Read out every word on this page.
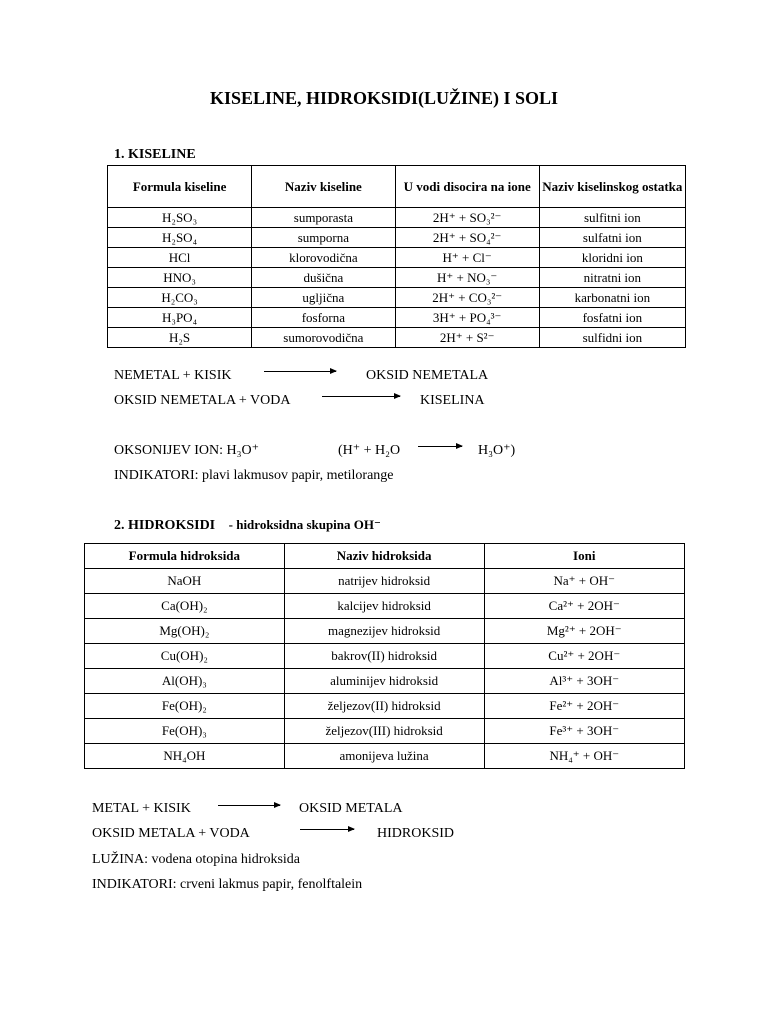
KISELINE, HIDROKSIDI(LUŽINE) I SOLI
1. KISELINE
Formula kiseline	Naziv kiseline	U vodi disocira na ione	Naziv kiselinskog ostatka
H₂SO₃	sumporasta	2H⁺ + SO₃²⁻	sulfitni ion
H₂SO₄	sumporna	2H⁺ + SO₄²⁻	sulfatni ion
HCl	klorovodična	H⁺ + Cl⁻	kloridni ion
HNO₃	dušična	H⁺ + NO₃⁻	nitratni ion
H₂CO₃	ugljična	2H⁺ + CO₃²⁻	karbonatni ion
H₃PO₄	fosforna	3H⁺ + PO₄³⁻	fosfatni ion
H₂S	sumorovodična	2H⁺ + S²⁻	sulfidni ion
NEMETAL + KISIK	OKSID NEMETALA
OKSID NEMETALA + VODA	KISELINA
OKSONIJEV ION: H₃O⁺	(H⁺ + H₂O	H₃O⁺)
INDIKATORI: plavi lakmusov papir, metilorange
2. HIDROKSIDI - hidroksidna skupina OH⁻
Formula hidroksida	Naziv hidroksida	Ioni
NaOH	natrijev hidroksid	Na⁺ + OH⁻
Ca(OH)₂	kalcijev hidroksid	Ca²⁺ + 2OH⁻
Mg(OH)₂	magnezijev hidroksid	Mg²⁺ + 2OH⁻
Cu(OH)₂	bakrov(II) hidroksid	Cu²⁺ + 2OH⁻
Al(OH)₃	aluminijev hidroksid	Al³⁺ + 3OH⁻
Fe(OH)₂	željezov(II) hidroksid	Fe²⁺ + 2OH⁻
Fe(OH)₃	željezov(III) hidroksid	Fe³⁺ + 3OH⁻
NH₄OH	amonijeva lužina	NH₄⁺ + OH⁻
METAL + KISIK	OKSID METALA
OKSID METALA + VODA	HIDROKSID
LUŽINA: vodena otopina hidroksida
INDIKATORI: crveni lakmus papir, fenolftalein
